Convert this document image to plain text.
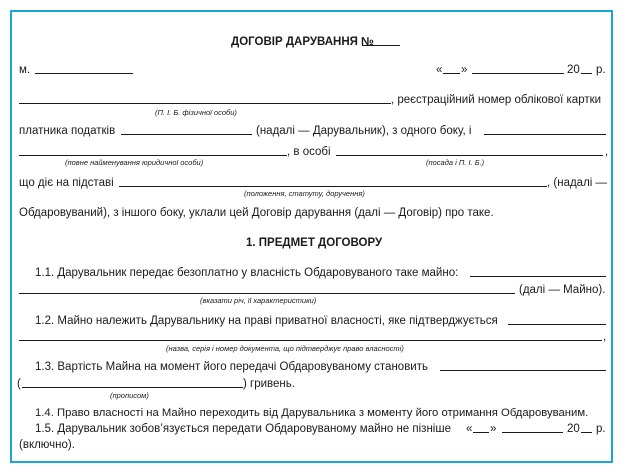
ДОГОВІР ДАРУВАННЯ №
м.	« »	20 р.
, реєстраційний номер облікової картки
(П. І. Б. фізичної особи)
платника податків	(надалі — Дарувальник), з одного боку, і
, в особі	,
(повне найменування юридичної особи)	(посада і П. І. Б.)
що діє на підставі	, (надалі —
(положення, статуту, доручення)
Обдаровуваний), з іншого боку, уклали цей Договір дарування (далі — Договір) про таке.
1. ПРЕДМЕТ ДОГОВОРУ
1.1. Дарувальник передає безоплатно у власність Обдаровуваного таке майно:
(далі — Майно).
(вказати річ, її характеристики)
1.2. Майно належить Дарувальнику на праві приватної власності, яке підтверджується
,
(назва, серія і номер документа, що підтверджує право власності)
1.3. Вартість Майна на момент його передачі Обдаровуваному становить
(	) гривень.
(прописом)
1.4. Право власності на Майно переходить від Дарувальника з моменту його отримання Обдаровуваним.
1.5. Дарувальник зобов’язується передати Обдаровуваному майно не пізніше « »	20 р.
(включно).
